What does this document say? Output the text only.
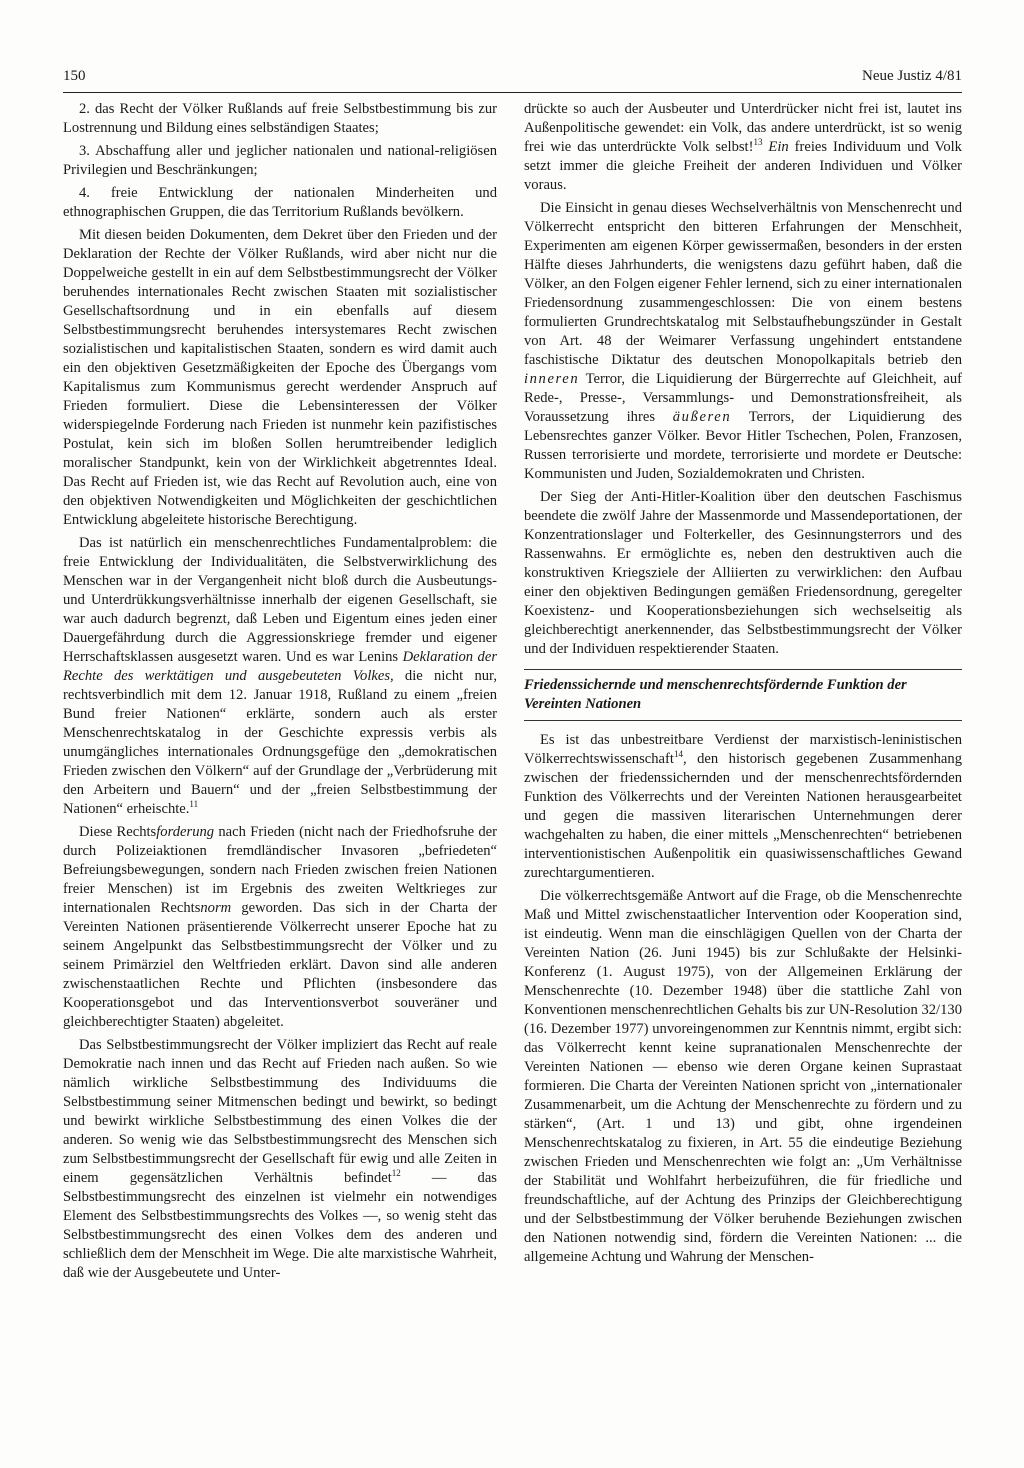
150	Neue Justiz 4/81

2. das Recht der Völker Rußlands auf freie Selbstbestimmung bis zur Lostrennung und Bildung eines selbständigen Staates;

3. Abschaffung aller und jeglicher nationalen und national-religiösen Privilegien und Beschränkungen;

4. freie Entwicklung der nationalen Minderheiten und ethnographischen Gruppen, die das Territorium Rußlands bevölkern.

Mit diesen beiden Dokumenten, dem Dekret über den Frieden und der Deklaration der Rechte der Völker Rußlands, wird aber nicht nur die Doppelweiche gestellt in ein auf dem Selbstbestimmungsrecht der Völker beruhendes internationales Recht zwischen Staaten mit sozialistischer Gesellschaftsordnung und in ein ebenfalls auf diesem Selbstbestimmungsrecht beruhendes intersystemares Recht zwischen sozialistischen und kapitalistischen Staaten, sondern es wird damit auch ein den objektiven Gesetzmäßigkeiten der Epoche des Übergangs vom Kapitalismus zum Kommunismus gerecht werdender Anspruch auf Frieden formuliert. Diese die Lebensinteressen der Völker widerspiegelnde Forderung nach Frieden ist nunmehr kein pazifistisches Postulat, kein sich im bloßen Sollen herumtreibender lediglich moralischer Standpunkt, kein von der Wirklichkeit abgetrenntes Ideal. Das Recht auf Frieden ist, wie das Recht auf Revolution auch, eine von den objektiven Notwendigkeiten und Möglichkeiten der geschichtlichen Entwicklung abgeleitete historische Berechtigung.

Das ist natürlich ein menschenrechtliches Fundamentalproblem: die freie Entwicklung der Individualitäten, die Selbstverwirklichung des Menschen war in der Vergangenheit nicht bloß durch die Ausbeutungs- und Unterdrükkungsverhältnisse innerhalb der eigenen Gesellschaft, sie war auch dadurch begrenzt, daß Leben und Eigentum eines jeden einer Dauergefährdung durch die Aggressionskriege fremder und eigener Herrschaftsklassen ausgesetzt waren. Und es war Lenins Deklaration der Rechte des werktätigen und ausgebeuteten Volkes, die nicht nur, rechtsverbindlich mit dem 12. Januar 1918, Rußland zu einem „freien Bund freier Nationen“ erklärte, sondern auch als erster Menschenrechtskatalog in der Geschichte expressis verbis als unumgängliches internationales Ordnungsgefüge den „demokratischen Frieden zwischen den Völkern“ auf der Grundlage der „Verbrüderung mit den Arbeitern und Bauern“ und der „freien Selbstbestimmung der Nationen“ erheischte.$^{11}$

Diese Rechtsforderung nach Frieden (nicht nach der Friedhofsruhe der durch Polizeiaktionen fremdländischer Invasoren „befriedeten“ Befreiungsbewegungen, sondern nach Frieden zwischen freien Nationen freier Menschen) ist im Ergebnis des zweiten Weltkrieges zur internationalen Rechtsnorm geworden. Das sich in der Charta der Vereinten Nationen präsentierende Völkerrecht unserer Epoche hat zu seinem Angelpunkt das Selbstbestimmungsrecht der Völker und zu seinem Primärziel den Weltfrieden erklärt. Davon sind alle anderen zwischenstaatlichen Rechte und Pflichten (insbesondere das Kooperationsgebot und das Interventionsverbot souveräner und gleichberechtigter Staaten) abgeleitet.

Das Selbstbestimmungsrecht der Völker impliziert das Recht auf reale Demokratie nach innen und das Recht auf Frieden nach außen. So wie nämlich wirkliche Selbstbestimmung des Individuums die Selbstbestimmung seiner Mitmenschen bedingt und bewirkt, so bedingt und bewirkt wirkliche Selbstbestimmung des einen Volkes die der anderen. So wenig wie das Selbstbestimmungsrecht des Menschen sich zum Selbstbestimmungsrecht der Gesellschaft für ewig und alle Zeiten in einem gegensätzlichen Verhältnis befindet$^{12}$ — das Selbstbestimmungsrecht des einzelnen ist vielmehr ein notwendiges Element des Selbstbestimmungsrechts des Volkes —, so wenig steht das Selbstbestimmungsrecht des einen Volkes dem des anderen und schließlich dem der Menschheit im Wege. Die alte marxistische Wahrheit, daß wie der Ausgebeutete und Unter-

drückte so auch der Ausbeuter und Unterdrücker nicht frei ist, lautet ins Außenpolitische gewendet: ein Volk, das andere unterdrückt, ist so wenig frei wie das unterdrückte Volk selbst!$^{13}$ Ein freies Individuum und Volk setzt immer die gleiche Freiheit der anderen Individuen und Völker voraus.

Die Einsicht in genau dieses Wechselverhältnis von Menschenrecht und Völkerrecht entspricht den bitteren Erfahrungen der Menschheit, Experimenten am eigenen Körper gewissermaßen, besonders in der ersten Hälfte dieses Jahrhunderts, die wenigstens dazu geführt haben, daß die Völker, an den Folgen eigener Fehler lernend, sich zu einer internationalen Friedensordnung zusammengeschlossen: Die von einem bestens formulierten Grundrechtskatalog mit Selbstaufhebungszünder in Gestalt von Art. 48 der Weimarer Verfassung ungehindert entstandene faschistische Diktatur des deutschen Monopolkapitals betrieb den inneren Terror, die Liquidierung der Bürgerrechte auf Gleichheit, auf Rede-, Presse-, Versammlungs- und Demonstrationsfreiheit, als Voraussetzung ihres äußeren Terrors, der Liquidierung des Lebensrechtes ganzer Völker. Bevor Hitler Tschechen, Polen, Franzosen, Russen terrorisierte und mordete, terrorisierte und mordete er Deutsche: Kommunisten und Juden, Sozialdemokraten und Christen.

Der Sieg der Anti-Hitler-Koalition über den deutschen Faschismus beendete die zwölf Jahre der Massenmorde und Massendeportationen, der Konzentrationslager und Folterkeller, des Gesinnungsterrors und des Rassenwahns. Er ermöglichte es, neben den destruktiven auch die konstruktiven Kriegsziele der Alliierten zu verwirklichen: den Aufbau einer den objektiven Bedingungen gemäßen Friedensordnung, geregelter Koexistenz- und Kooperationsbeziehungen sich wechselseitig als gleichberechtigt anerkennender, das Selbstbestimmungsrecht der Völker und der Individuen respektierender Staaten.

Friedenssichernde und menschenrechtsfördernde Funktion der Vereinten Nationen

Es ist das unbestreitbare Verdienst der marxistisch-leninistischen Völkerrechtswissenschaft$^{14}$, den historisch gegebenen Zusammenhang zwischen der friedenssichernden und der menschenrechtsfördernden Funktion des Völkerrechts und der Vereinten Nationen herausgearbeitet und gegen die massiven literarischen Unternehmungen derer wachgehalten zu haben, die einer mittels „Menschenrechten“ betriebenen interventionistischen Außenpolitik ein quasiwissenschaftliches Gewand zurechtargumentieren.

Die völkerrechtsgemäße Antwort auf die Frage, ob die Menschenrechte Maß und Mittel zwischenstaatlicher Intervention oder Kooperation sind, ist eindeutig. Wenn man die einschlägigen Quellen von der Charta der Vereinten Nation (26. Juni 1945) bis zur Schlußakte der Helsinki-Konferenz (1. August 1975), von der Allgemeinen Erklärung der Menschenrechte (10. Dezember 1948) über die stattliche Zahl von Konventionen menschenrechtlichen Gehalts bis zur UN-Resolution 32/130 (16. Dezember 1977) unvoreingenommen zur Kenntnis nimmt, ergibt sich: das Völkerrecht kennt keine supranationalen Menschenrechte der Vereinten Nationen — ebenso wie deren Organe keinen Suprastaat formieren. Die Charta der Vereinten Nationen spricht von „internationaler Zusammenarbeit, um die Achtung der Menschenrechte zu fördern und zu stärken“, (Art. 1 und 13) und gibt, ohne irgendeinen Menschenrechtskatalog zu fixieren, in Art. 55 die eindeutige Beziehung zwischen Frieden und Menschenrechten wie folgt an: „Um Verhältnisse der Stabilität und Wohlfahrt herbeizuführen, die für friedliche und freundschaftliche, auf der Achtung des Prinzips der Gleichberechtigung und der Selbstbestimmung der Völker beruhende Beziehungen zwischen den Nationen notwendig sind, fördern die Vereinten Nationen: ... die allgemeine Achtung und Wahrung der Menschen-
